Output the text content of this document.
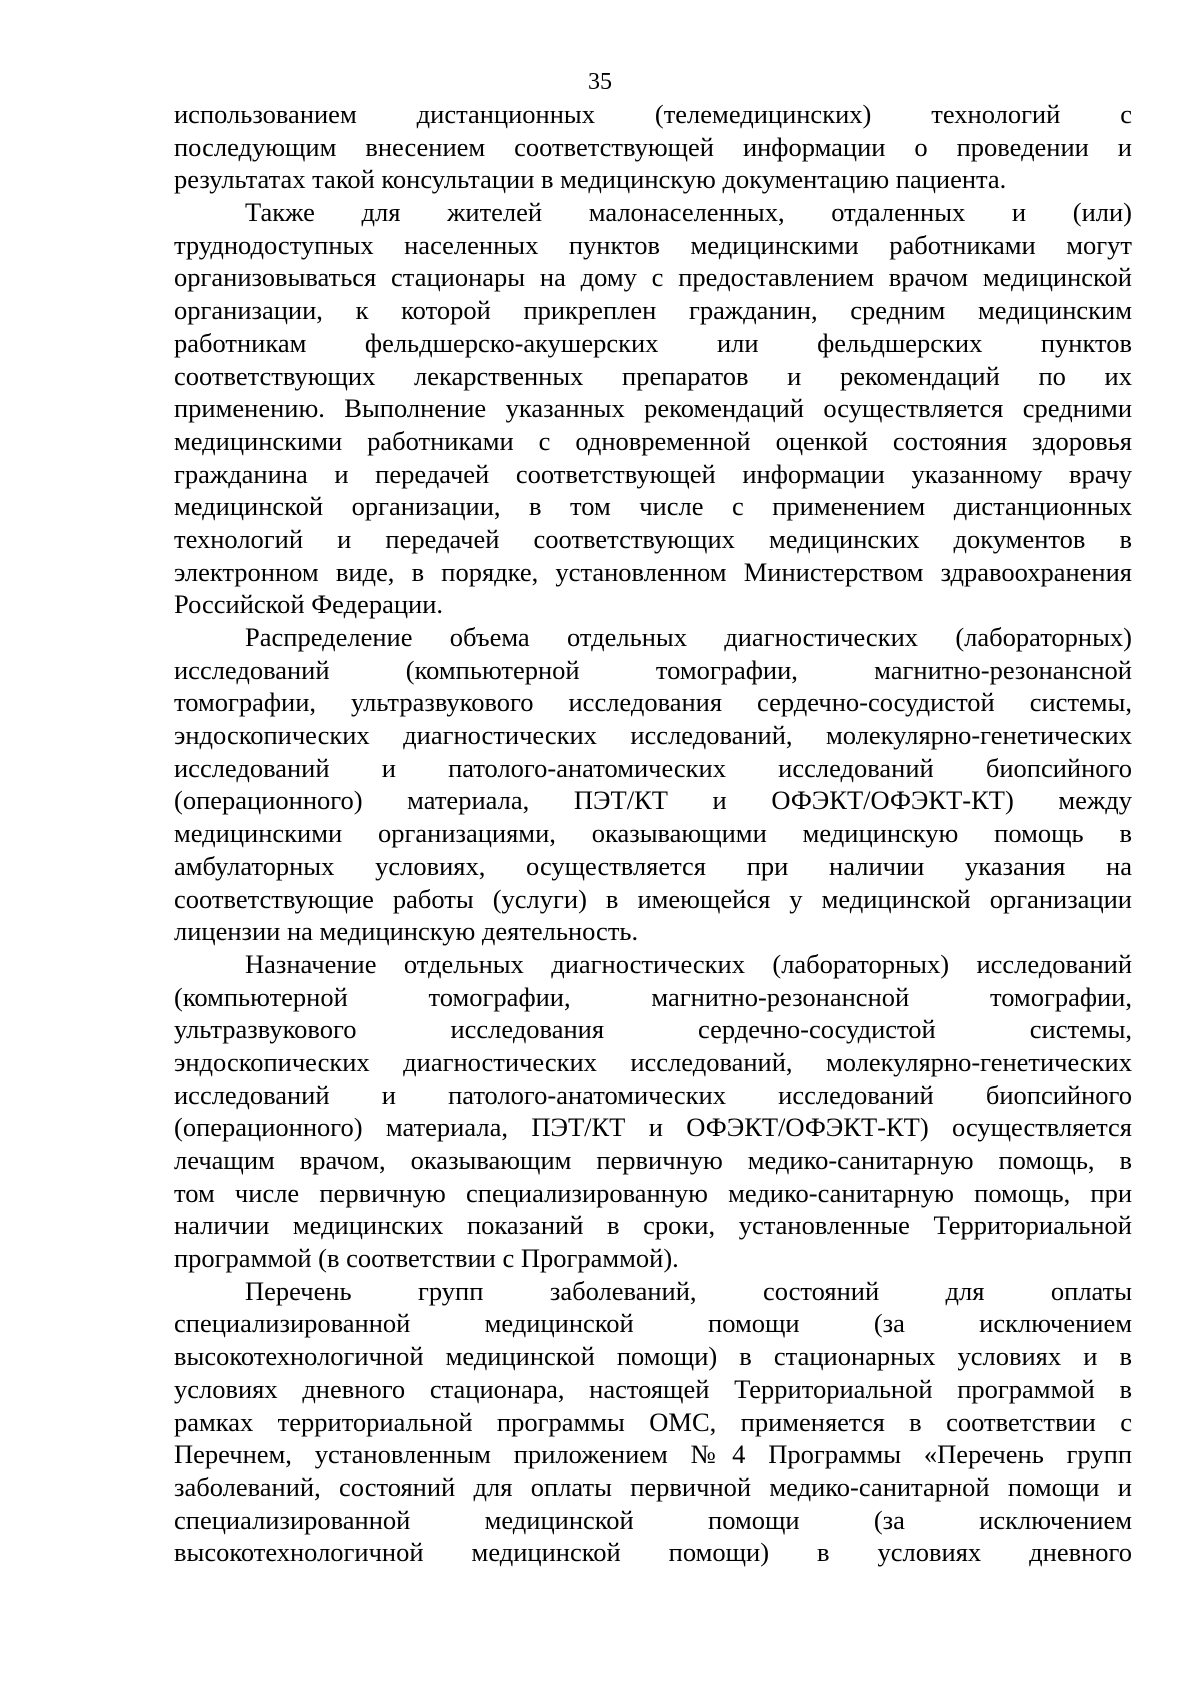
35
использованием дистанционных (телемедицинских) технологий с
последующим внесением соответствующей информации о проведении и
результатах такой консультации в медицинскую документацию пациента.
Также для жителей малонаселенных, отдаленных и (или)
труднодоступных населенных пунктов медицинскими работниками могут
организовываться стационары на дому с предоставлением врачом медицинской
организации, к которой прикреплен гражданин, средним медицинским
работникам фельдшерско-акушерских или фельдшерских пунктов
соответствующих лекарственных препаратов и рекомендаций по их
применению. Выполнение указанных рекомендаций осуществляется средними
медицинскими работниками с одновременной оценкой состояния здоровья
гражданина и передачей соответствующей информации указанному врачу
медицинской организации, в том числе с применением дистанционных
технологий и передачей соответствующих медицинских документов в
электронном виде, в порядке, установленном Министерством здравоохранения
Российской Федерации.
Распределение объема отдельных диагностических (лабораторных)
исследований (компьютерной томографии, магнитно-резонансной
томографии, ультразвукового исследования сердечно-сосудистой системы,
эндоскопических диагностических исследований, молекулярно-генетических
исследований и патолого-анатомических исследований биопсийного
(операционного) материала, ПЭТ/КТ и ОФЭКТ/ОФЭКТ-КТ) между
медицинскими организациями, оказывающими медицинскую помощь в
амбулаторных условиях, осуществляется при наличии указания на
соответствующие работы (услуги) в имеющейся у медицинской организации
лицензии на медицинскую деятельность.
Назначение отдельных диагностических (лабораторных) исследований
(компьютерной томографии, магнитно-резонансной томографии,
ультразвукового исследования сердечно-сосудистой системы,
эндоскопических диагностических исследований, молекулярно-генетических
исследований и патолого-анатомических исследований биопсийного
(операционного) материала, ПЭТ/КТ и ОФЭКТ/ОФЭКТ-КТ) осуществляется
лечащим врачом, оказывающим первичную медико-санитарную помощь, в
том числе первичную специализированную медико-санитарную помощь, при
наличии медицинских показаний в сроки, установленные Территориальной
программой (в соответствии с Программой).
Перечень групп заболеваний, состояний для оплаты
специализированной медицинской помощи (за исключением
высокотехнологичной медицинской помощи) в стационарных условиях и в
условиях дневного стационара, настоящей Территориальной программой в
рамках территориальной программы ОМС, применяется в соответствии с
Перечнем, установленным приложением №4 Программы «Перечень групп
заболеваний, состояний для оплаты первичной медико-санитарной помощи и
специализированной медицинской помощи (за исключением
высокотехнологичной медицинской помощи) в условиях дневного
